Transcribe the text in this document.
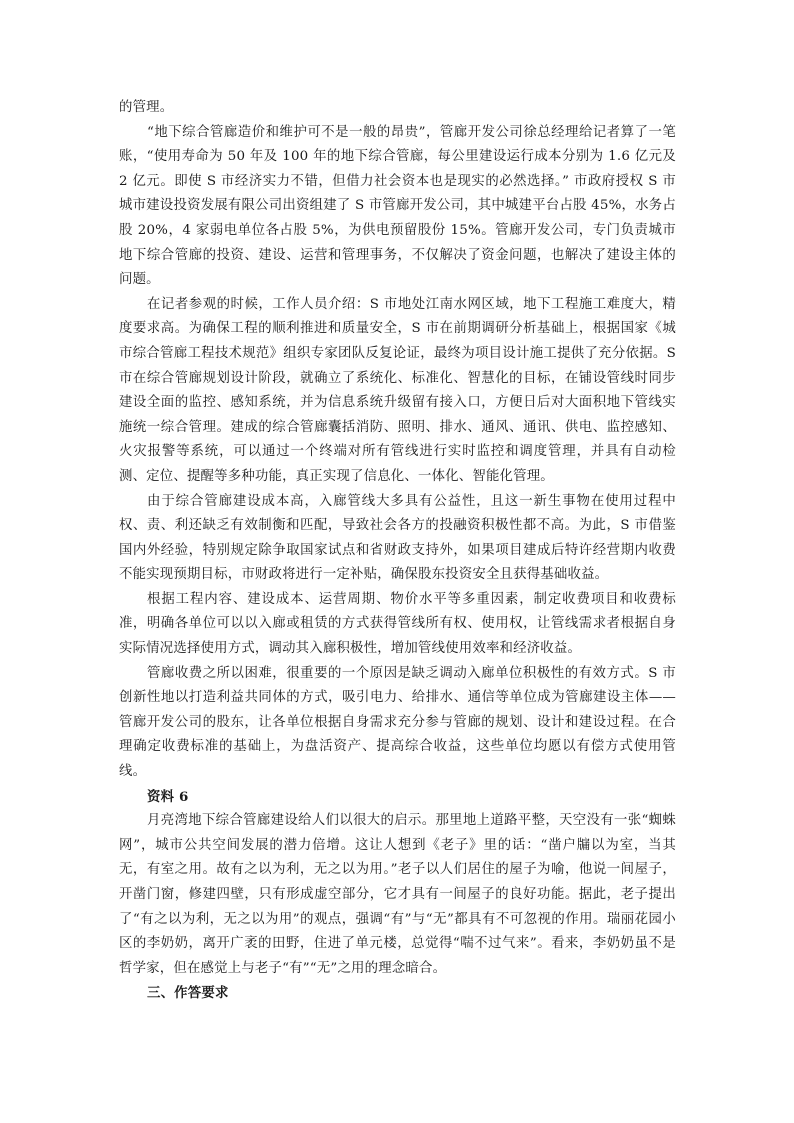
的管理。

“地下综合管廊造价和维护可不是一般的昂贵”，管廊开发公司徐总经理给记者算了一笔账，“使用寿命为 50 年及 100 年的地下综合管廊，每公里建设运行成本分别为 1.6 亿元及 2 亿元。即使 S 市经济实力不错，但借力社会资本也是现实的必然选择。” 市政府授权 S 市城市建设投资发展有限公司出资组建了 S 市管廊开发公司，其中城建平台占股 45%，水务占股 20%，4 家弱电单位各占股 5%，为供电预留股份 15%。管廊开发公司，专门负责城市地下综合管廊的投资、建设、运营和管理事务，不仅解决了资金问题，也解决了建设主体的问题。

在记者参观的时候，工作人员介绍：S 市地处江南水网区域，地下工程施工难度大，精度要求高。为确保工程的顺利推进和质量安全，S 市在前期调研分析基础上，根据国家《城市综合管廊工程技术规范》组织专家团队反复论证，最终为项目设计施工提供了充分依据。S 市在综合管廊规划设计阶段，就确立了系统化、标准化、智慧化的目标，在铺设管线时同步建设全面的监控、感知系统，并为信息系统升级留有接入口，方便日后对大面积地下管线实施统一综合管理。建成的综合管廊囊括消防、照明、排水、通风、通讯、供电、监控感知、火灾报警等系统，可以通过一个终端对所有管线进行实时监控和调度管理，并具有自动检测、定位、提醒等多种功能，真正实现了信息化、一体化、智能化管理。

由于综合管廊建设成本高，入廊管线大多具有公益性，且这一新生事物在使用过程中权、责、利还缺乏有效制衡和匹配，导致社会各方的投融资积极性都不高。为此，S 市借鉴国内外经验，特别规定除争取国家试点和省财政支持外，如果项目建成后特许经营期内收费不能实现预期目标，市财政将进行一定补贴，确保股东投资安全且获得基础收益。

根据工程内容、建设成本、运营周期、物价水平等多重因素，制定收费项目和收费标准，明确各单位可以以入廊或租赁的方式获得管线所有权、使用权，让管线需求者根据自身实际情况选择使用方式，调动其入廊积极性，增加管线使用效率和经济收益。

管廊收费之所以困难，很重要的一个原因是缺乏调动入廊单位积极性的有效方式。S 市创新性地以打造利益共同体的方式，吸引电力、给排水、通信等单位成为管廊建设主体——管廊开发公司的股东，让各单位根据自身需求充分参与管廊的规划、设计和建设过程。在合理确定收费标准的基础上，为盘活资产、提高综合收益，这些单位均愿以有偿方式使用管线。

资料 6

月亮湾地下综合管廊建设给人们以很大的启示。那里地上道路平整，天空没有一张“蜘蛛网”，城市公共空间发展的潜力倍增。这让人想到《老子》里的话：“凿户牖以为室，当其无，有室之用。故有之以为利，无之以为用。”老子以人们居住的屋子为喻，他说一间屋子，开凿门窗，修建四壁，只有形成虚空部分，它才具有一间屋子的良好功能。据此，老子提出了“有之以为利，无之以为用”的观点，强调“有”与“无”都具有不可忽视的作用。瑞丽花园小区的李奶奶，离开广袤的田野，住进了单元楼，总觉得“喘不过气来”。看来，李奶奶虽不是哲学家，但在感觉上与老子“有”“无”之用的理念暗合。

三、作答要求
